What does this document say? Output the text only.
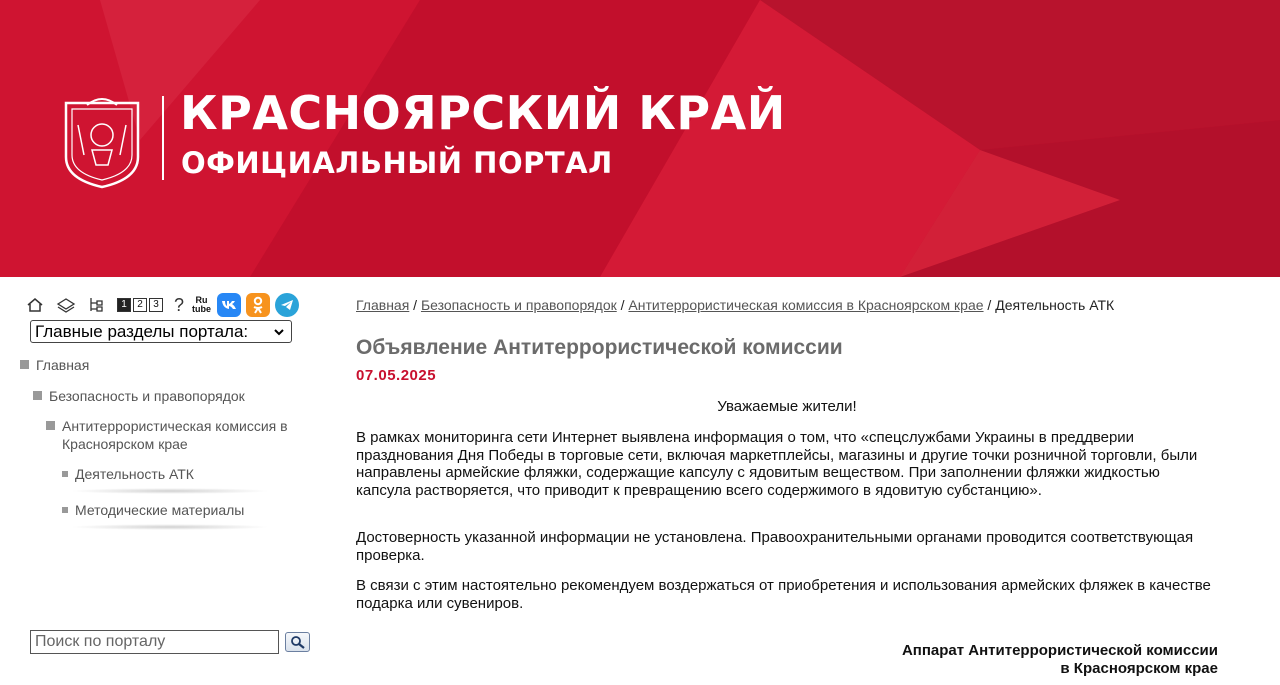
КРАСНОЯРСКИЙ КРАЙ
ОФИЦИАЛЬНЫЙ ПОРТАЛ
1	2	3 ?	Ru
tube
Главные разделы портала:
Главная
Безопасность и правопорядок
Антитеррористическая комиссия в Красноярском крае
Деятельность АТК
Методические материалы
Поиск по порталу
Главная / Безопасность и правопорядок / Антитеррористическая комиссия в Красноярском крае / Деятельность АТК
Объявление Антитеррористической комиссии
07.05.2025
Уважаемые жители!
В рамках мониторинга сети Интернет выявлена информация о том, что «спецслужбами Украины в преддверии празднования Дня Победы в торговые сети, включая маркетплейсы, магазины и другие точки розничной торговли, были направлены армейские фляжки, содержащие капсулу с ядовитым веществом. При заполнении фляжки жидкостью капсула растворяется, что приводит к превращению всего содержимого в ядовитую субстанцию».
Достоверность указанной информации не установлена. Правоохранительными органами проводится соответствующая проверка.
В связи с этим настоятельно рекомендуем воздержаться от приобретения и использования армейских фляжек в качестве подарка или сувениров.
Аппарат Антитеррористической комиссии
в Красноярском крае
